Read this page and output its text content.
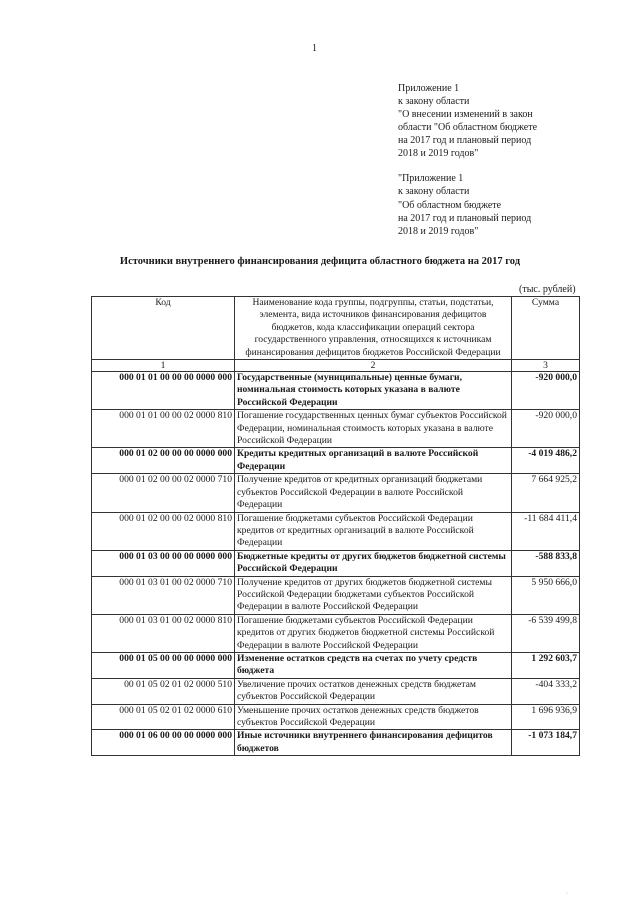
1
Приложение 1
к закону области
"О внесении изменений в закон
области "Об областном бюджете
на 2017 год и плановый период
2018 и 2019 годов"
"Приложение 1
к закону области
"Об областном бюджете
на 2017 год и плановый период
2018 и 2019 годов"
Источники внутреннего финансирования дефицита областного бюджета на 2017 год
(тыс. рублей)
Код	Наименование кода группы, подгруппы, статьи, подстатьи, элемента, вида источников финансирования дефицитов бюджетов, кода классификации операций сектора государственного управления, относящихся к источникам финансирования дефицитов бюджетов Российской Федерации	Сумма
1	2	3
000 01 01 00 00 00 0000 000	Государственные (муниципальные) ценные бумаги, номинальная стоимость которых указана в валюте Российской Федерации	-920 000,0
000 01 01 00 00 02 0000 810	Погашение государственных ценных бумаг субъектов Российской Федерации, номинальная стоимость которых указана в валюте Российской Федерации	-920 000,0
000 01 02 00 00 00 0000 000	Кредиты кредитных организаций в валюте Российской Федерации	-4 019 486,2
000 01 02 00 00 02 0000 710	Получение кредитов от кредитных организаций бюджетами субъектов Российской Федерации в валюте Российской Федерации	7 664 925,2
000 01 02 00 00 02 0000 810	Погашение бюджетами субъектов Российской Федерации кредитов от кредитных организаций в валюте Российской Федерации	-11 684 411,4
000 01 03 00 00 00 0000 000	Бюджетные кредиты от других бюджетов бюджетной системы Российской Федерации	-588 833,8
000 01 03 01 00 02 0000 710	Получение кредитов от других бюджетов бюджетной системы Российской Федерации бюджетами субъектов Российской Федерации в валюте Российской Федерации	5 950 666,0
000 01 03 01 00 02 0000 810	Погашение бюджетами субъектов Российской Федерации кредитов от других бюджетов бюджетной системы Российской Федерации в валюте Российской Федерации	-6 539 499,8
000 01 05 00 00 00 0000 000	Изменение остатков средств на счетах по учету средств бюджета	1 292 603,7
00 01 05 02 01 02 0000 510	Увеличение прочих остатков денежных средств бюджетам субъектов Российской Федерации	-404 333,2
000 01 05 02 01 02 0000 610	Уменьшение прочих остатков денежных средств бюджетов субъектов Российской Федерации	1 696 936,9
000 01 06 00 00 00 0000 000	Иные источники внутреннего финансирования дефицитов бюджетов	-1 073 184,7
·
